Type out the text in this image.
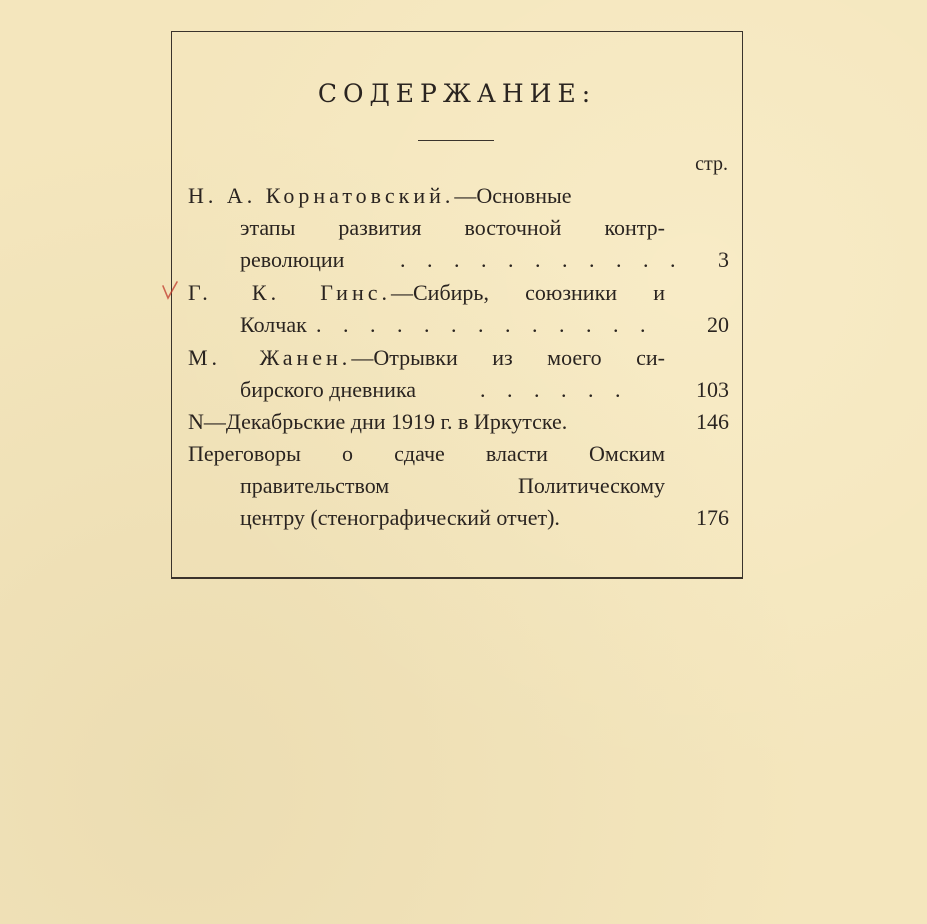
СОДЕРЖАНИЕ:
стр.
Н. А. Корнатовский.—Основные
этапы развития восточной контр-
революции	. . . . . . . . . . . 3
Г. К. Гинс.—Сибирь, союзники и
Колчак . . . . . . . . . . . . . 20
М. Жанен.—Отрывки из моего си-
бирского дневника	. . . . . .	103
N—Декабрьские дни 1919 г. в Иркутске.	146
Переговоры о сдаче власти Омским
правительством Политическому
центру (стенографический отчет).	176
